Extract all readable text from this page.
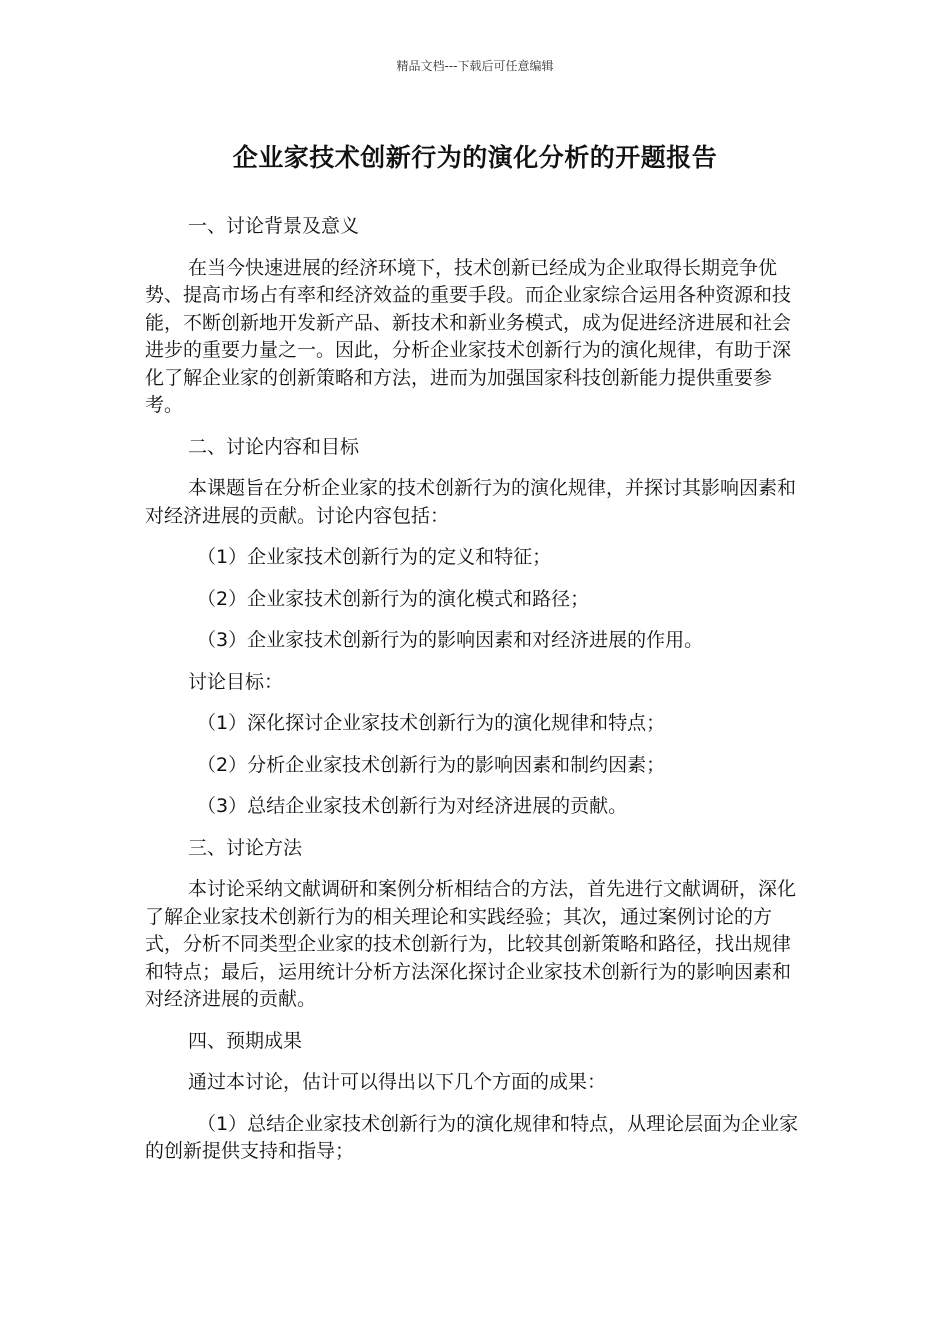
精品文档---下载后可任意编辑
企业家技术创新行为的演化分析的开题报告

一、讨论背景及意义

在当今快速进展的经济环境下，技术创新已经成为企业取得长期竞争优势、提高市场占有率和经济效益的重要手段。而企业家综合运用各种资源和技能，不断创新地开发新产品、新技术和新业务模式，成为促进经济进展和社会进步的重要力量之一。因此，分析企业家技术创新行为的演化规律，有助于深化了解企业家的创新策略和方法，进而为加强国家科技创新能力提供重要参考。

二、讨论内容和目标

本课题旨在分析企业家的技术创新行为的演化规律，并探讨其影响因素和对经济进展的贡献。讨论内容包括：

（1）企业家技术创新行为的定义和特征；

（2）企业家技术创新行为的演化模式和路径；

（3）企业家技术创新行为的影响因素和对经济进展的作用。

讨论目标：

（1）深化探讨企业家技术创新行为的演化规律和特点；

（2）分析企业家技术创新行为的影响因素和制约因素；

（3）总结企业家技术创新行为对经济进展的贡献。

三、讨论方法

本讨论采纳文献调研和案例分析相结合的方法，首先进行文献调研，深化了解企业家技术创新行为的相关理论和实践经验；其次，通过案例讨论的方式，分析不同类型企业家的技术创新行为，比较其创新策略和路径，找出规律和特点；最后，运用统计分析方法深化探讨企业家技术创新行为的影响因素和对经济进展的贡献。

四、预期成果

通过本讨论，估计可以得出以下几个方面的成果：

（1）总结企业家技术创新行为的演化规律和特点，从理论层面为企业家的创新提供支持和指导；
